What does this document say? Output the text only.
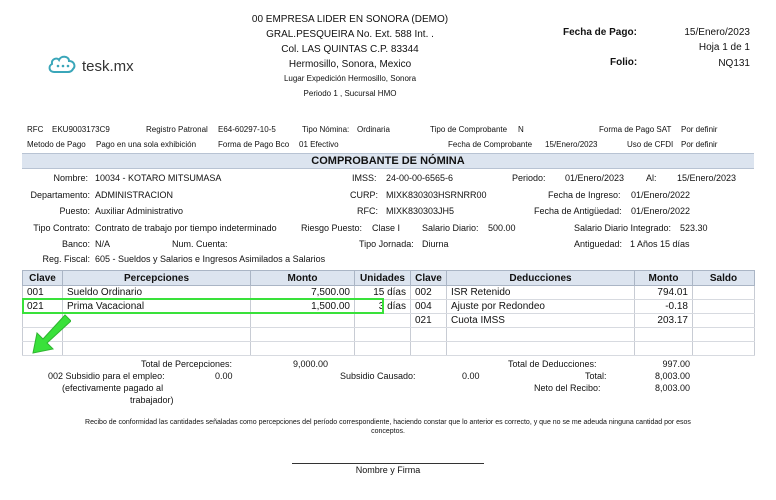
00 EMPRESA LIDER EN SONORA (DEMO)
GRAL.PESQUEIRA No. Ext. 588 Int. .
Col. LAS QUINTAS C.P. 83344
Hermosillo, Sonora, Mexico
Lugar Expedición Hermosillo, Sonora
Periodo 1 , Sucursal HMO
tesk.mx
Fecha de Pago:	15/Enero/2023
Hoja 1 de 1
Folio:	NQ131
RFC EKU9003173C9	Registro Patronal E64-60297-10-5	Tipo Nómina: Ordinaria	Tipo de Comprobante N	Forma de Pago SAT Por definir
Metodo de Pago Pago en una sola exhibición	Forma de Pago Bco 01 Efectivo	Fecha de Comprobante 15/Enero/2023	Uso de CFDI Por definir
COMPROBANTE DE NÓMINA
Nombre: 10034 - KOTARO MITSUMASA	IMSS: 24-00-00-6565-6	Periodo: 01/Enero/2023 Al: 15/Enero/2023
Departamento: ADMINISTRACION	CURP: MIXK830303HSRNRR00	Fecha de Ingreso: 01/Enero/2022
Puesto: Auxiliar Administrativo	RFC: MIXK830303JH5	Fecha de Antigüedad: 01/Enero/2022
Tipo Contrato: Contrato de trabajo por tiempo indeterminado	Riesgo Puesto: Clase I Salario Diario: 500.00	Salario Diario Integrado: 523.30
Banco: N/A	Num. Cuenta:	Tipo Jornada: Diurna	Antiguedad: 1 Años 15 días
Reg. Fiscal: 605 - Sueldos y Salarios e Ingresos Asimilados a Salarios
Clave	Percepciones	Monto	Unidades	Clave	Deducciones	Monto	Saldo
001	Sueldo Ordinario	7,500.00	15 días	002	ISR Retenido	794.01	
021	Prima Vacacional	1,500.00	3 días	004	Ajuste por Redondeo	-0.18	
				021	Cuota IMSS	203.17	

Total de Percepciones:	9,000.00
002 Subsidio para el empleo:	0.00
(efectivamente pagado al
trabajador)
Subsidio Causado:	0.00
Total de Deducciones:	997.00
Total:	8,003.00
Neto del Recibo:	8,003.00
Recibo de conformidad las cantidades señaladas como percepciones del período correspondiente, haciendo constar que lo anterior es correcto, y que no se me adeuda ninguna cantidad por esos
conceptos.
Nombre y Firma
